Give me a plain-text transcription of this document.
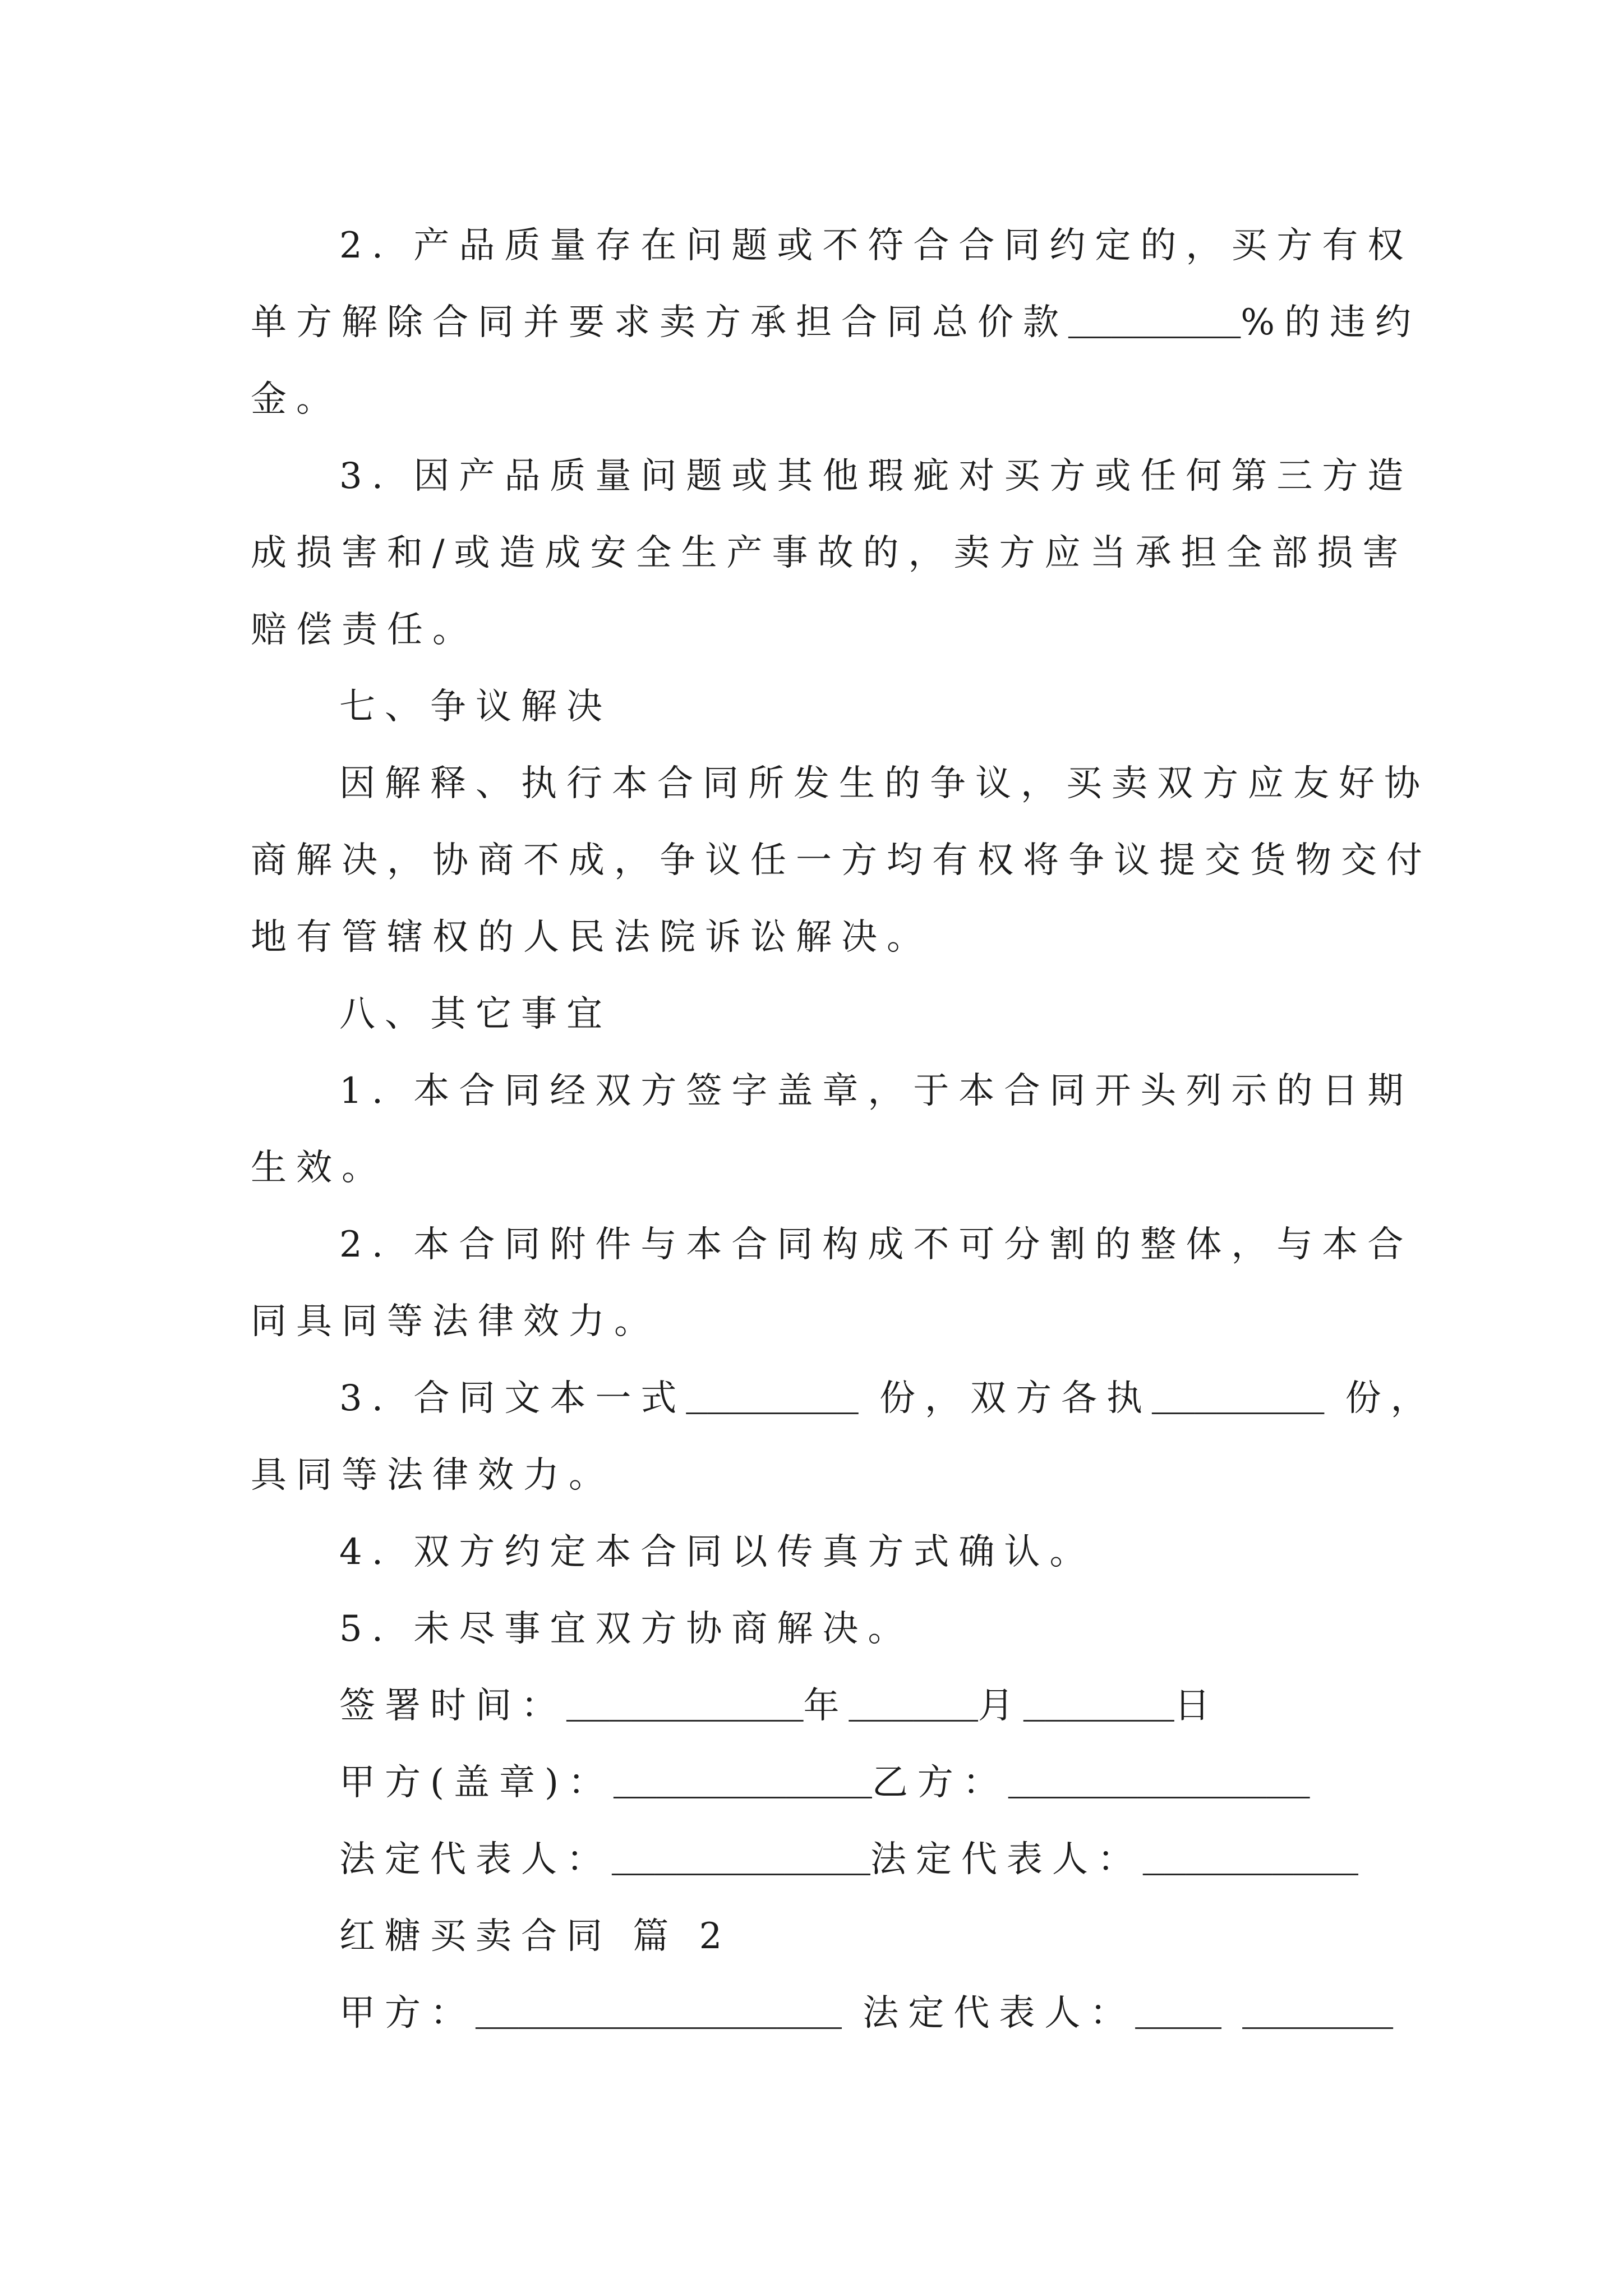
2. 产品质量存在问题或不符合合同约定的，买方有权
单方解除合同并要求卖方承担合同总价款________%的违约
金。
3. 因产品质量问题或其他瑕疵对买方或任何第三方造
成损害和/或造成安全生产事故的，卖方应当承担全部损害
赔偿责任。
七、争议解决
因解释、执行本合同所发生的争议，买卖双方应友好协
商解决，协商不成，争议任一方均有权将争议提交货物交付
地有管辖权的人民法院诉讼解决。
八、其它事宜
1. 本合同经双方签字盖章，于本合同开头列示的日期
生效。
2. 本合同附件与本合同构成不可分割的整体，与本合
同具同等法律效力。
3. 合同文本一式________ 份，双方各执________ 份，
具同等法律效力。
4. 双方约定本合同以传真方式确认。
5. 未尽事宜双方协商解决。
签署时间：___________年______月_______日
甲方(盖章)：____________乙方：______________
法定代表人：____________法定代表人：__________
红糖买卖合同 篇 2
甲方：_________________ 法定代表人：____ _______
